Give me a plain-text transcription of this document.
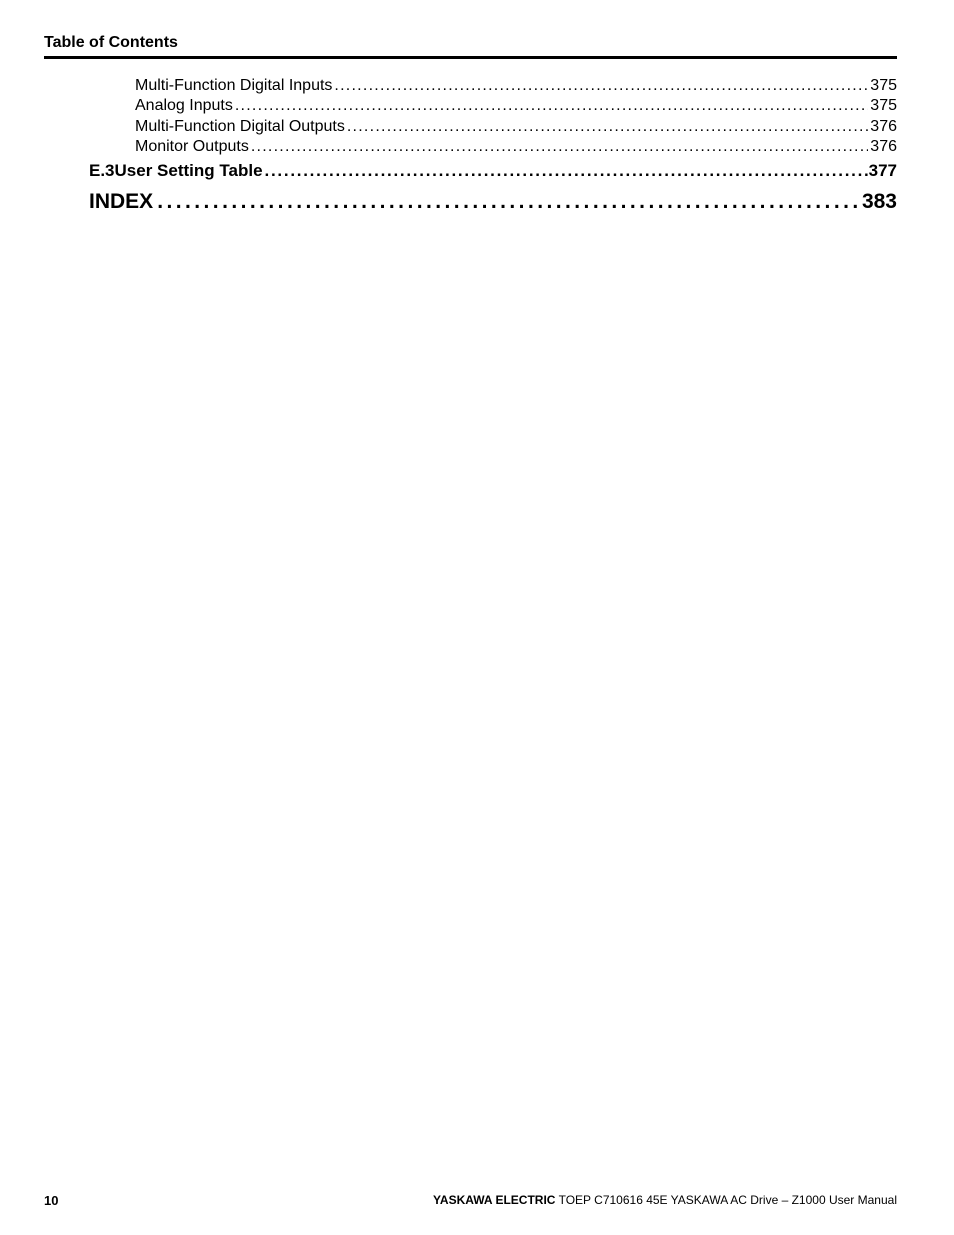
Table of Contents
Multi-Function Digital Inputs . . .	375
Analog Inputs . . .	375
Multi-Function Digital Outputs . . .	376
Monitor Outputs . . .	376
E.3 User Setting Table . . .	377
INDEX . . .	383
10	YASKAWA ELECTRIC TOEP C710616 45E YASKAWA AC Drive – Z1000 User Manual
